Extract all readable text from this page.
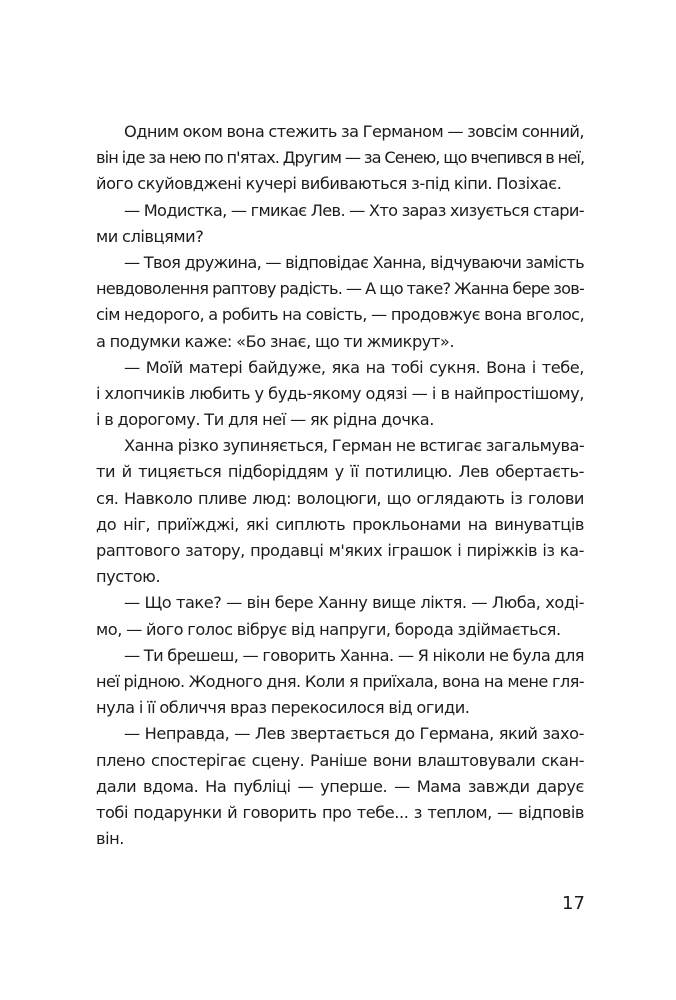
Одним оком вона стежить за Германом — зовсім сонний,
він іде за нею по п'ятах. Другим — за Сенею, що вчепився в неї,
його скуйовджені кучері вибиваються з-під кіпи. Позіхає.
— Модистка, — гмикає Лев. — Хто зараз хизується стари-
ми слівцями?
— Твоя дружина, — відповідає Ханна, відчуваючи замість
невдоволення раптову радість. — А що таке? Жанна бере зов-
сім недорого, а робить на совість, — продовжує вона вголос,
а подумки каже: «Бо знає, що ти жмикрут».
— Моїй матері байдуже, яка на тобі сукня. Вона і тебе,
і хлопчиків любить у будь-якому одязі — і в найпростішому,
і в дорогому. Ти для неї — як рідна дочка.
Ханна різко зупиняється, Герман не встигає загальмува-
ти й тицяється підборіддям у її потилицю. Лев обертаєть-
ся. Навколо пливе люд: волоцюги, що оглядають із голови
до ніг, приїжджі, які сиплють прокльонами на винуватців
раптового затору, продавці м'яких іграшок і пиріжків із ка-
пустою.
— Що таке? — він бере Ханну вище ліктя. — Люба, ході-
мо, — його голос вібрує від напруги, борода здіймається.
— Ти брешеш, — говорить Ханна. — Я ніколи не була для
неї рідною. Жодного дня. Коли я приїхала, вона на мене гля-
нула і її обличчя враз перекосилося від огиди.
— Неправда, — Лев звертається до Германа, який захо-
плено спостерігає сцену. Раніше вони влаштовували скан-
дали вдома. На публіці — уперше. — Мама завжди дарує
тобі подарунки й говорить про тебе... з теплом, — відповів
він.
17
